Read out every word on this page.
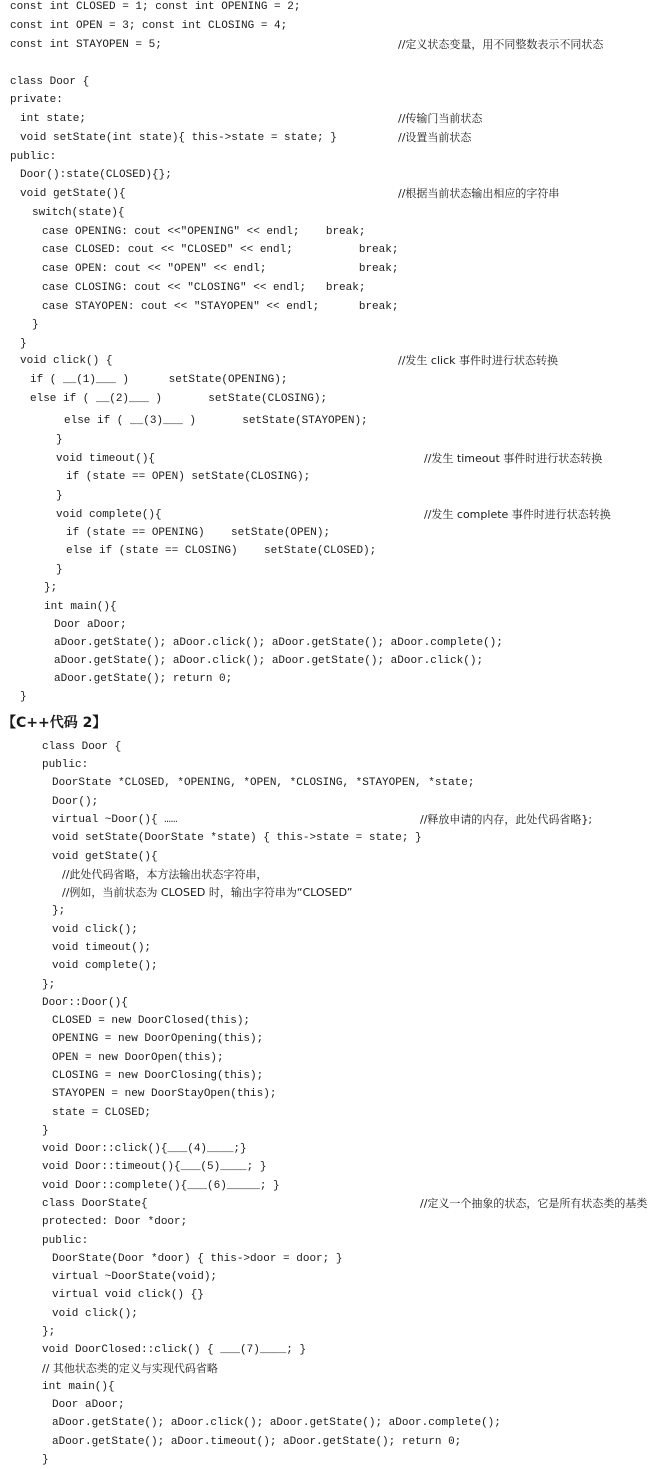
const int CLOSED = 1; const int OPENING = 2;
const int OPEN = 3; const int CLOSING = 4;
const int STAYOPEN = 5;	//定义状态变量，用不同整数表示不同状态
class Door {
private:
int state;	//传输门当前状态
void setState(int state){ this->state = state; }	//设置当前状态
public:
Door():state(CLOSED){};
void getState(){	//根据当前状态输出相应的字符串
switch(state){
case OPENING: cout <<"OPENING" << endl;    break;
case CLOSED: cout << "CLOSED" << endl;          break;
case OPEN: cout << "OPEN" << endl;              break;
case CLOSING: cout << "CLOSING" << endl;   break;
case STAYOPEN: cout << "STAYOPEN" << endl;      break;
}
}
void click() {	//发生 click 事件时进行状态转换
if ( __(1)___ )      setState(OPENING);
else if ( __(2)___ )       setState(CLOSING);
else if ( __(3)___ )       setState(STAYOPEN);
}
void timeout(){	//发生 timeout 事件时进行状态转换
if (state == OPEN) setState(CLOSING);
}
void complete(){	//发生 complete 事件时进行状态转换
if (state == OPENING)    setState(OPEN);
else if (state == CLOSING)    setState(CLOSED);
}
};
int main(){
Door aDoor;
aDoor.getState(); aDoor.click(); aDoor.getState(); aDoor.complete();
aDoor.getState(); aDoor.click(); aDoor.getState(); aDoor.click();
aDoor.getState(); return 0;
}
【C++代码 2】
class Door {
public:
DoorState *CLOSED, *OPENING, *OPEN, *CLOSING, *STAYOPEN, *state;
Door();
virtual ~Door(){ ……	//释放申请的内存，此处代码省略};
void setState(DoorState *state) { this->state = state; }
void getState(){
//此处代码省略，本方法输出状态字符串，
//例如，当前状态为 CLOSED 时，输出字符串为“CLOSED”
};
void click();
void timeout();
void complete();
};
Door::Door(){
CLOSED = new DoorClosed(this);
OPENING = new DoorOpening(this);
OPEN = new DoorOpen(this);
CLOSING = new DoorClosing(this);
STAYOPEN = new DoorStayOpen(this);
state = CLOSED;
}
void Door::click(){___(4)____;}
void Door::timeout(){___(5)____; }
void Door::complete(){___(6)_____; }
class DoorState{	//定义一个抽象的状态，它是所有状态类的基类
protected: Door *door;
public:
DoorState(Door *door) { this->door = door; }
virtual ~DoorState(void);
virtual void click() {}
void click();
};
void DoorClosed::click() { ___(7)____; }
// 其他状态类的定义与实现代码省略
int main(){
Door aDoor;
aDoor.getState(); aDoor.click(); aDoor.getState(); aDoor.complete();
aDoor.getState(); aDoor.timeout(); aDoor.getState(); return 0;
}
